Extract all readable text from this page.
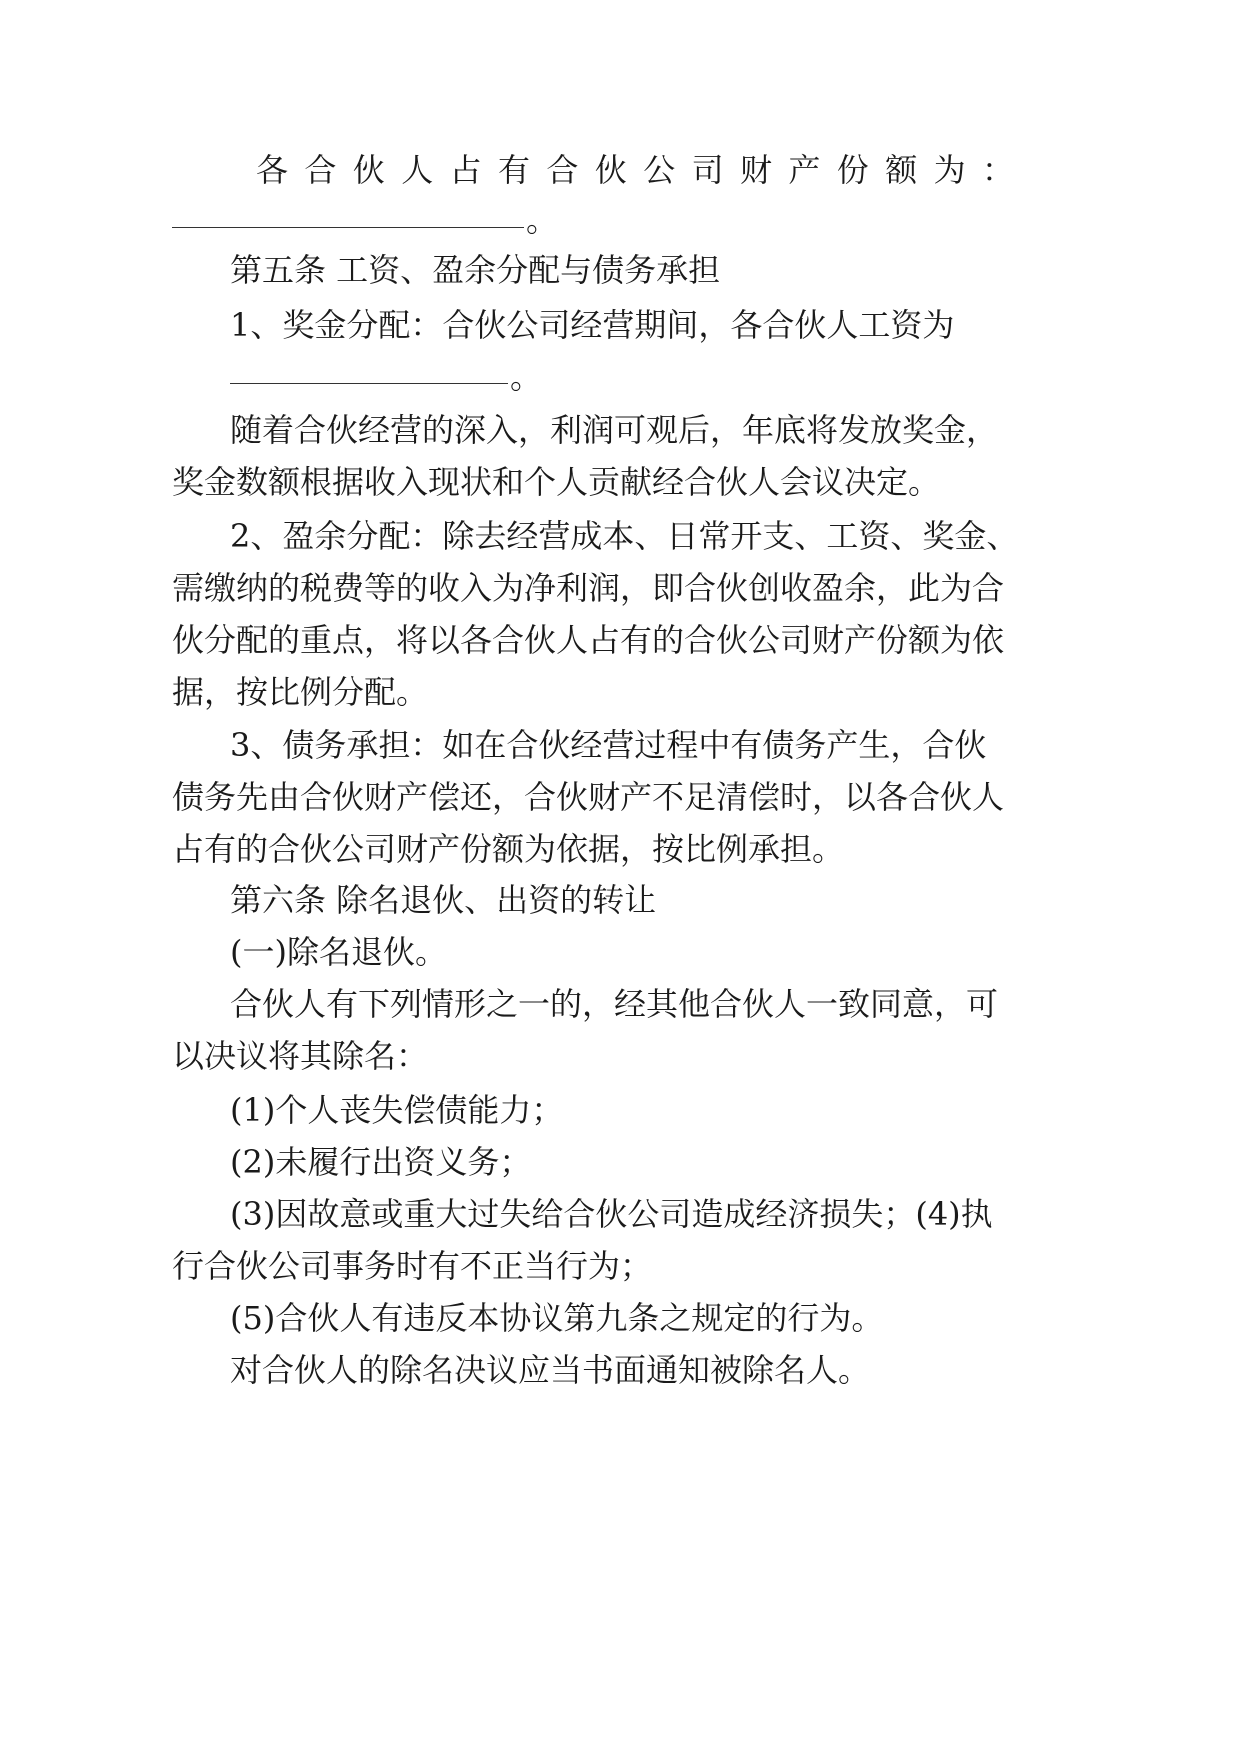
各合伙人占有合伙公司财产份额为：
。
第五条 工资、盈余分配与债务承担
1、奖金分配：合伙公司经营期间，各合伙人工资为
。
随着合伙经营的深入，利润可观后，年底将发放奖金，
奖金数额根据收入现状和个人贡献经合伙人会议决定。
2、盈余分配：除去经营成本、日常开支、工资、奖金、
需缴纳的税费等的收入为净利润，即合伙创收盈余，此为合
伙分配的重点，将以各合伙人占有的合伙公司财产份额为依
据，按比例分配。
3、债务承担：如在合伙经营过程中有债务产生，合伙
债务先由合伙财产偿还，合伙财产不足清偿时，以各合伙人
占有的合伙公司财产份额为依据，按比例承担。
第六条 除名退伙、出资的转让
(一)除名退伙。
合伙人有下列情形之一的，经其他合伙人一致同意，可
以决议将其除名：
(1)个人丧失偿债能力；
(2)未履行出资义务；
(3)因故意或重大过失给合伙公司造成经济损失；(4)执
行合伙公司事务时有不正当行为；
(5)合伙人有违反本协议第九条之规定的行为。
对合伙人的除名决议应当书面通知被除名人。
